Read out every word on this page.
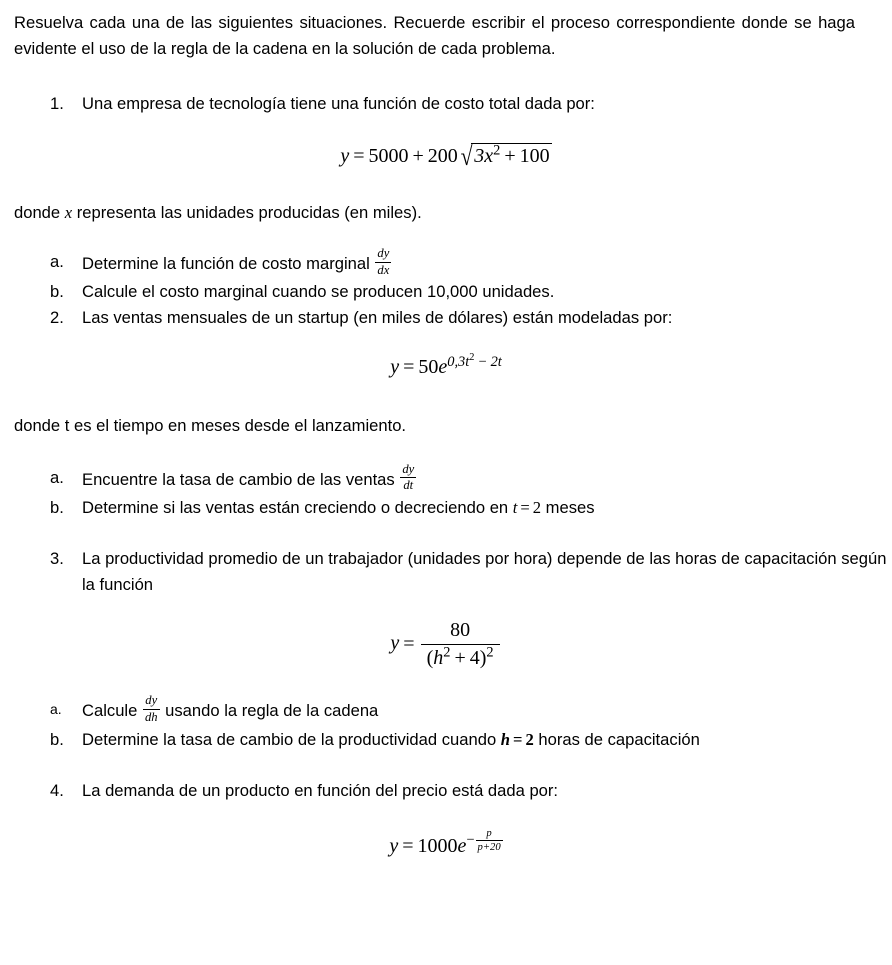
Resuelva cada una de las siguientes situaciones. Recuerde escribir el proceso correspondiente donde se haga evidente el uso de la regla de la cadena en la solución de cada problema.

1.	Una empresa de tecnología tiene una función de costo total dada por:
y = 5000 + 200√ $3x^2 + 100$

donde x representa las unidades producidas (en miles).

a.	Determine la función de costo marginal $\frac{dy}{dx}$
b.	Calcule el costo marginal cuando se producen 10,000 unidades.
2.	Las ventas mensuales de un startup (en miles de dólares) están modeladas por:
$y = 50e^{0,3t^2 - 2t}$

donde t es el tiempo en meses desde el lanzamiento.

a.	Encuentre la tasa de cambio de las ventas $\frac{dy}{dt}$
b.	Determine si las ventas están creciendo o decreciendo en t = 2 meses
3.	La productividad promedio de un trabajador (unidades por hora) depende de las horas de capacitación según la función
$y = \frac{80}{(h^2 + 4)^2}$
a.	Calcule $\frac{dy}{dh}$ usando la regla de la cadena
b.	Determine la tasa de cambio de la productividad cuando h = 2 horas de capacitación
4.	La demanda de un producto en función del precio está dada por:
$y = 1000e^{- \frac{p}{p+20}}$
